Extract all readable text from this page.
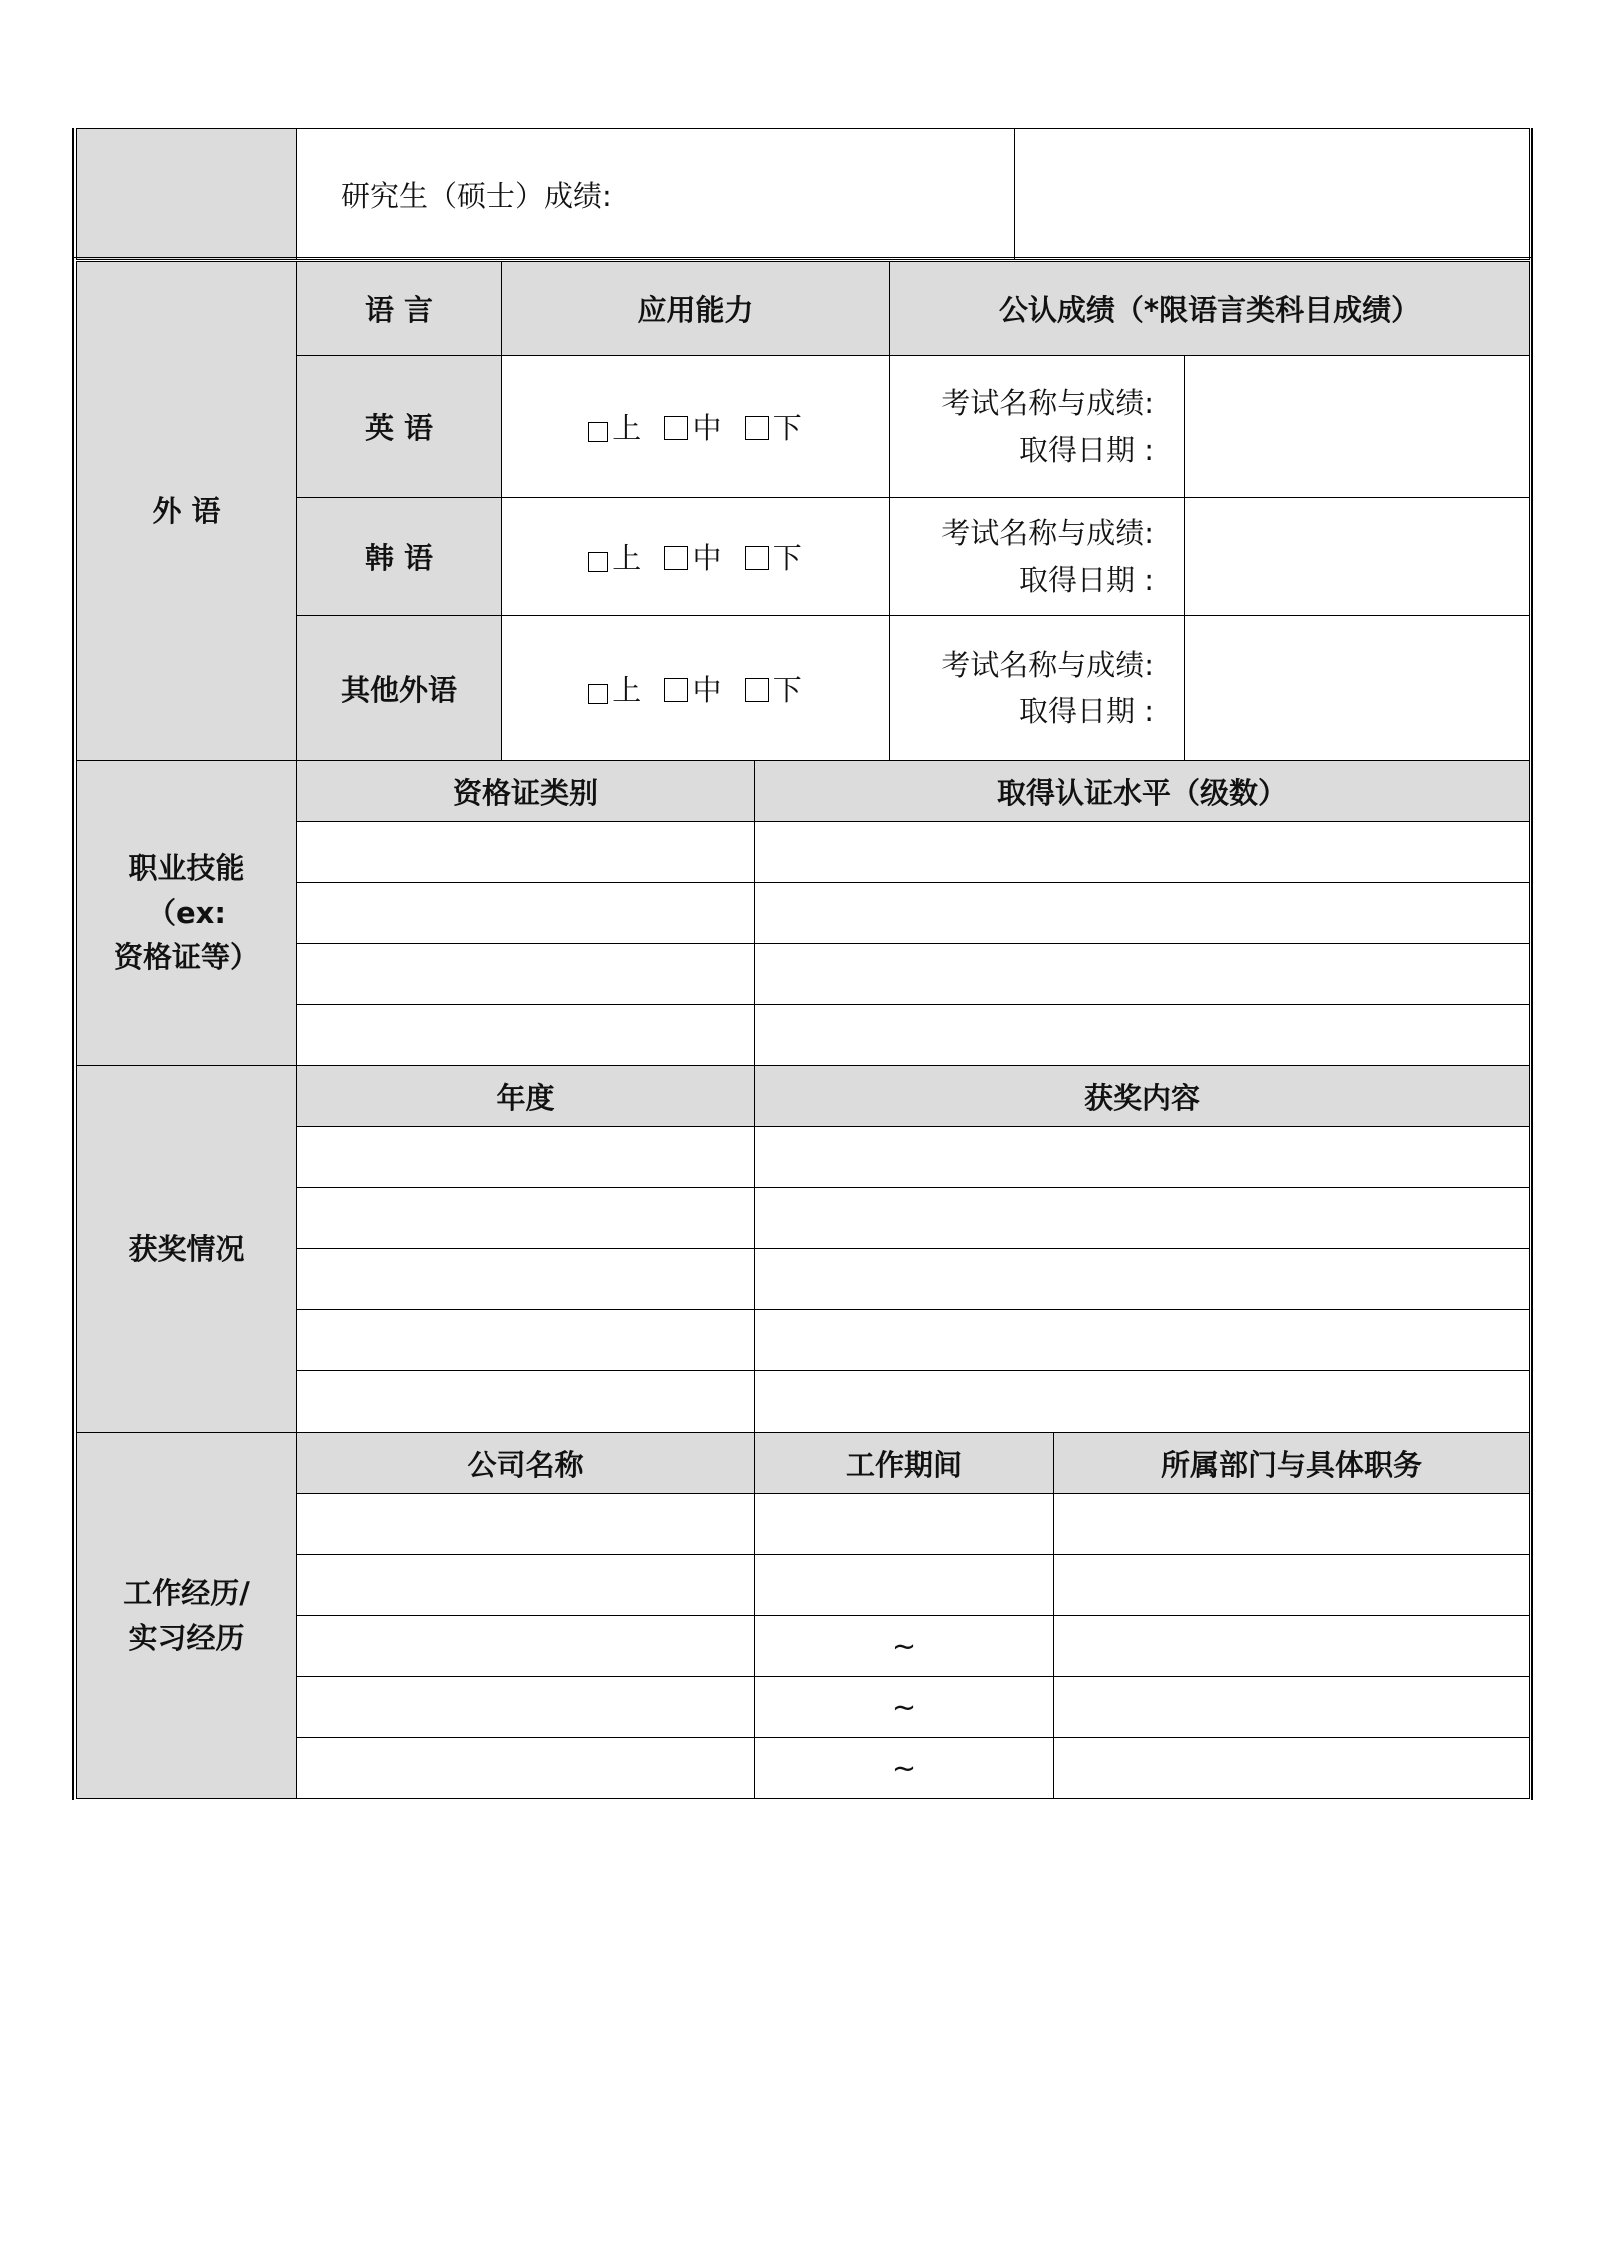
	研究生（硕士）成绩:	
外 语	语 言	应用能力	公认成绩（*限语言类科目成绩）	
	英 语	上 中 下	考试名称与成绩:
取得日期 :	

	韩 语	上 中 下	考试名称与成绩:
取得日期 :	

	其他外语	上 中 下	考试名称与成绩:
取得日期 :	

职业技能
（ex:
资格证等）	资格证类别	取得认证水平（级数）

获奖情况	年度	获奖内容

工作经历/
实习经历	公司名称	工作期间	所属部门与具体职务

		~	
		~	
		~	
